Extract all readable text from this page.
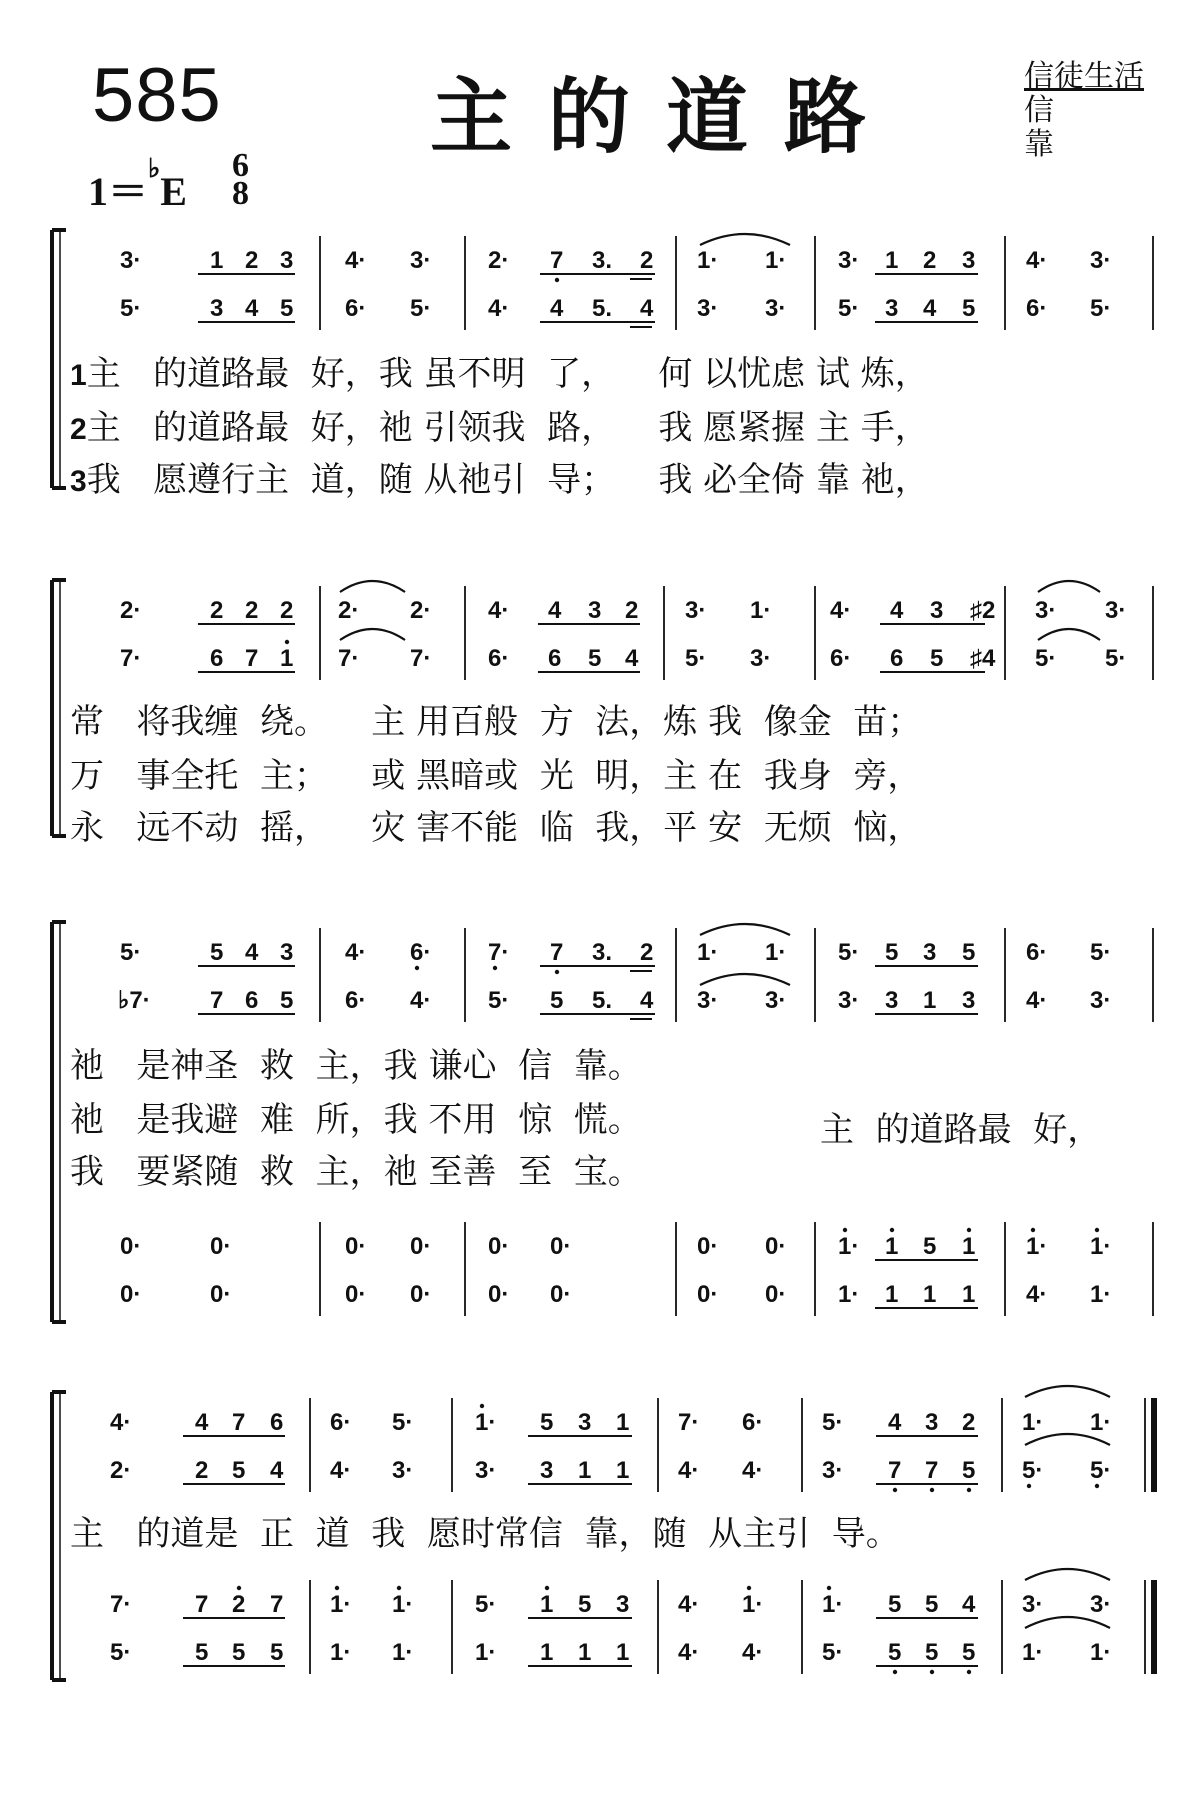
585	主的道路	信徒生活
信靠
1＝♭E
6
8
3·	1 2 3 4· 3· 2· 7 3. 2 1· 1· 3· 1 2 3 4· 3·
5·	3 4 5 6· 5· 4· 4 5. 4 3· 3· 5· 3 4 5 6· 5·
2·	2 2 2 2· 2· 4· 4 3 2 3· 1· 4· 4 3 ♯2 3· 3·
7·	6 7 1 7· 7· 6· 6 5 4 5· 3· 6· 6 5 ♯4 5· 5·
5·	5 4 3 4· 6· 7· 7 3. 2 1· 1· 5· 5 3 5 6· 5·
♭7· 7 6 5 6· 4· 5· 5 5. 4 3· 3· 3· 3 1 3 4· 3·
0·	0·	0· 0· 0· 0·	0· 0· 1· 1 5 1 1· 1·
0·	0·	0· 0· 0· 0·	0· 0· 1· 1 1 1 4· 1·
4·	4 7 6 6· 5·	1· 5 3 1 7· 6· 5· 4 3 2 1· 1·
2·	2 5 4 4· 3·	3· 3 1 1 4· 4· 3· 7 7 5 5· 5·
7·	7 2 7 1· 1·	5· 1 5 3 4· 1· 1· 5 5 4 3· 3·
5·	5 5 5 1· 1·	1· 1 1 1 4· 4· 5· 5 5 5 1· 1·
1主   的道路最  好，我 虽不明  了，    何 以忧虑 试 炼，
2主   的道路最  好，祂 引领我  路，    我 愿紧握 主 手，
3我   愿遵行主  道，随 从祂引  导；    我 必全倚 靠 祂，
常   将我缠  绕。    主 用百般  方  法，炼 我  像金  苗；
万   事全托  主；    或 黑暗或  光  明，主 在  我身  旁，
永   远不动  摇，    灾 害不能  临  我，平 安  无烦  恼，
祂   是神圣  救  主，我 谦心  信  靠。
祂   是我避  难  所，我 不用  惊  慌。
我   要紧随  救  主，祂 至善  至  宝。
主  的道路最  好，
主   的道是  正  道  我  愿时常信  靠，随  从主引  导。
